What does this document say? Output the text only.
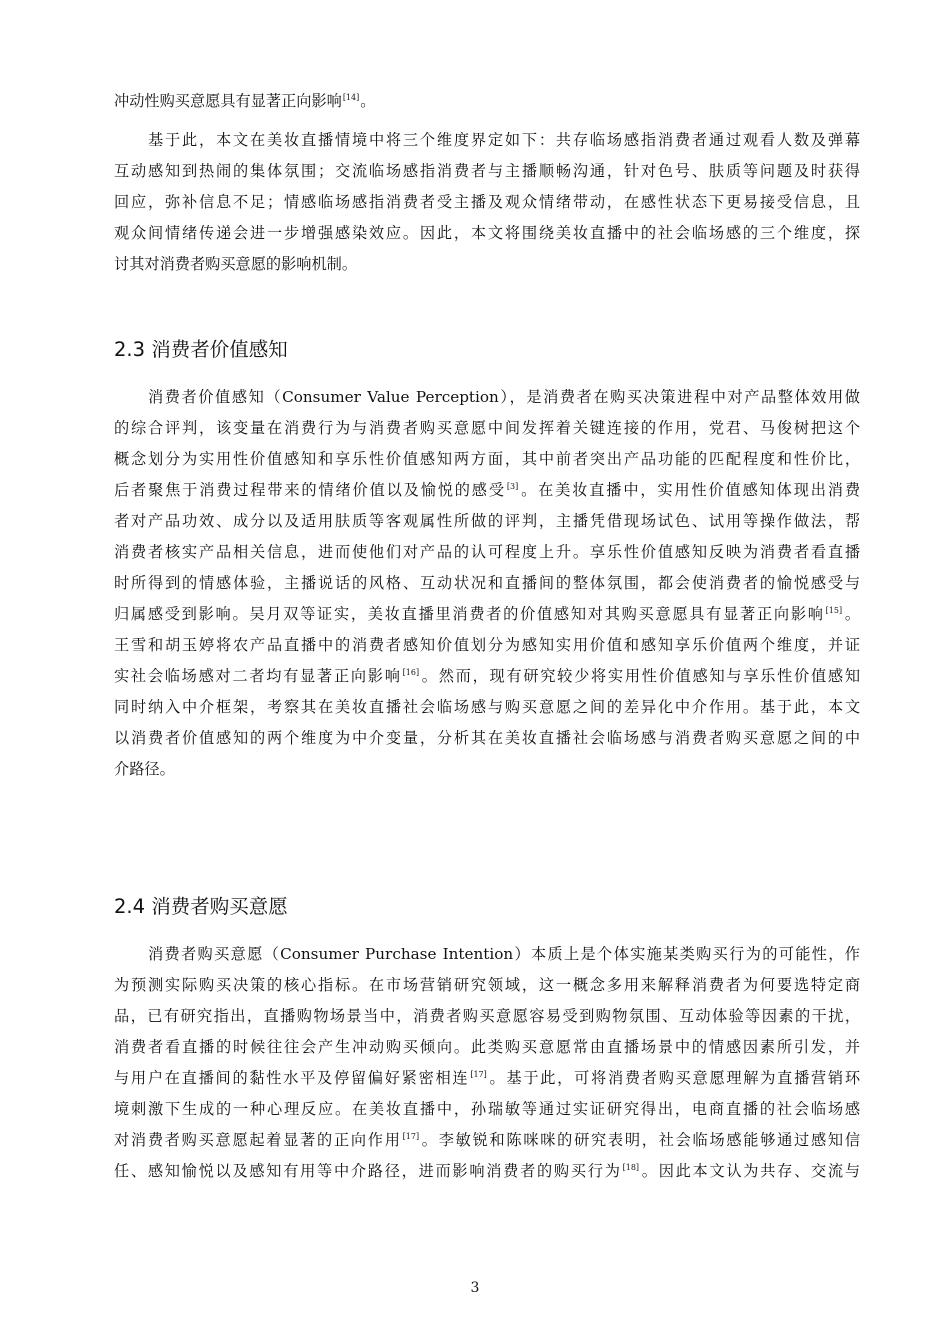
冲动性购买意愿具有显著正向影响[14]。
基于此，本文在美妆直播情境中将三个维度界定如下：共存临场感指消费者通过观看人数及弹幕
互动感知到热闹的集体氛围；交流临场感指消费者与主播顺畅沟通，针对色号、肤质等问题及时获得
回应，弥补信息不足；情感临场感指消费者受主播及观众情绪带动，在感性状态下更易接受信息，且
观众间情绪传递会进一步增强感染效应。因此，本文将围绕美妆直播中的社会临场感的三个维度，探
讨其对消费者购买意愿的影响机制。
2.3 消费者价值感知
消费者价值感知（Consumer Value Perception），是消费者在购买决策进程中对产品整体效用做
的综合评判，该变量在消费行为与消费者购买意愿中间发挥着关键连接的作用，党君、马俊树把这个
概念划分为实用性价值感知和享乐性价值感知两方面，其中前者突出产品功能的匹配程度和性价比，
后者聚焦于消费过程带来的情绪价值以及愉悦的感受[3]。在美妆直播中，实用性价值感知体现出消费
者对产品功效、成分以及适用肤质等客观属性所做的评判，主播凭借现场试色、试用等操作做法，帮
消费者核实产品相关信息，进而使他们对产品的认可程度上升。享乐性价值感知反映为消费者看直播
时所得到的情感体验，主播说话的风格、互动状况和直播间的整体氛围，都会使消费者的愉悦感受与
归属感受到影响。吴月双等证实，美妆直播里消费者的价值感知对其购买意愿具有显著正向影响[15]。
王雪和胡玉婷将农产品直播中的消费者感知价值划分为感知实用价值和感知享乐价值两个维度，并证
实社会临场感对二者均有显著正向影响[16]。然而，现有研究较少将实用性价值感知与享乐性价值感知
同时纳入中介框架，考察其在美妆直播社会临场感与购买意愿之间的差异化中介作用。基于此，本文
以消费者价值感知的两个维度为中介变量，分析其在美妆直播社会临场感与消费者购买意愿之间的中
介路径。
2.4 消费者购买意愿
消费者购买意愿（Consumer Purchase Intention）本质上是个体实施某类购买行为的可能性，作
为预测实际购买决策的核心指标。在市场营销研究领域，这一概念多用来解释消费者为何要选特定商
品，已有研究指出，直播购物场景当中，消费者购买意愿容易受到购物氛围、互动体验等因素的干扰，
消费者看直播的时候往往会产生冲动购买倾向。此类购买意愿常由直播场景中的情感因素所引发，并
与用户在直播间的黏性水平及停留偏好紧密相连[17]。基于此，可将消费者购买意愿理解为直播营销环
境刺激下生成的一种心理反应。在美妆直播中，孙瑞敏等通过实证研究得出，电商直播的社会临场感
对消费者购买意愿起着显著的正向作用[17]。李敏锐和陈咪咪的研究表明，社会临场感能够通过感知信
任、感知愉悦以及感知有用等中介路径，进而影响消费者的购买行为[18]。因此本文认为共存、交流与
3
